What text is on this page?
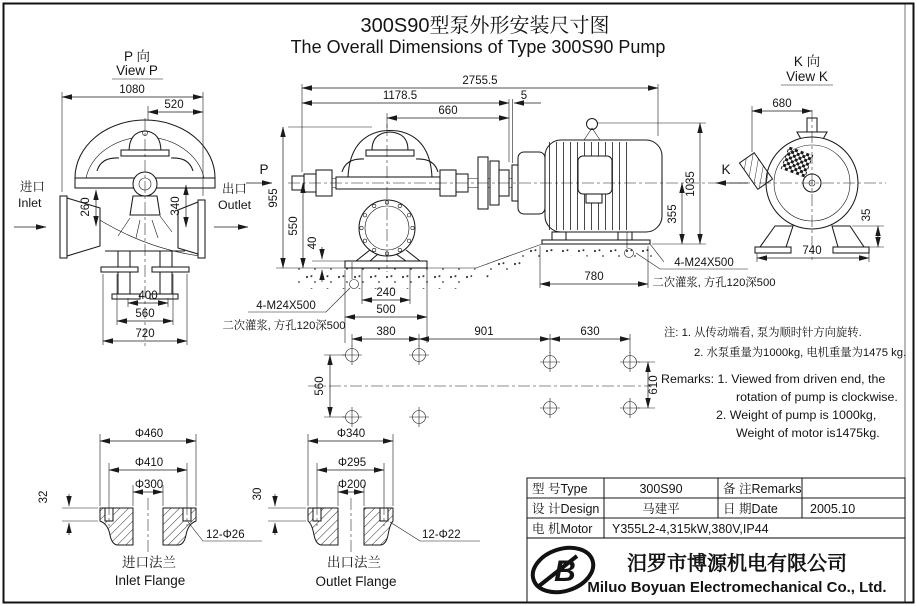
300S90型泵外形安装尺寸图
The Overall Dimensions of Type 300S90 Pump
P 向
View P
1080
520
260	340
进口
Inlet
出口
Outlet
400
560
720
2755.5
1178.5	5
660
P	K
955
550
40
1035
355
240
500
780
4-M24X500
二次灌浆, 方孔120深500
4-M24X500
二次灌浆, 方孔120深500
380	901	630
560	610
K 向
View K
680
740
35
注: 1. 从传动端看, 泵为顺时针方向旋转.
2. 水泵重量为1000kg, 电机重量为1475 kg.
Remarks: 1. Viewed from driven end, the
rotation of pump is clockwise.
2. Weight of pump is 1000kg,
Weight of motor is1475kg.
Φ460
Φ410
Φ300
32
12-Φ26
进口法兰
Inlet Flange
Φ340
Φ295
Φ200
30
12-Φ22
出口法兰
Outlet Flange
型 号Type	300S90	备 注Remarks
设 计Design	马建平	日 期Date	2005.10
电 机Motor Y355L2-4,315kW,380V,IP44
B	汨罗市博源机电有限公司
Miluo Boyuan Electromechanical Co., Ltd.
